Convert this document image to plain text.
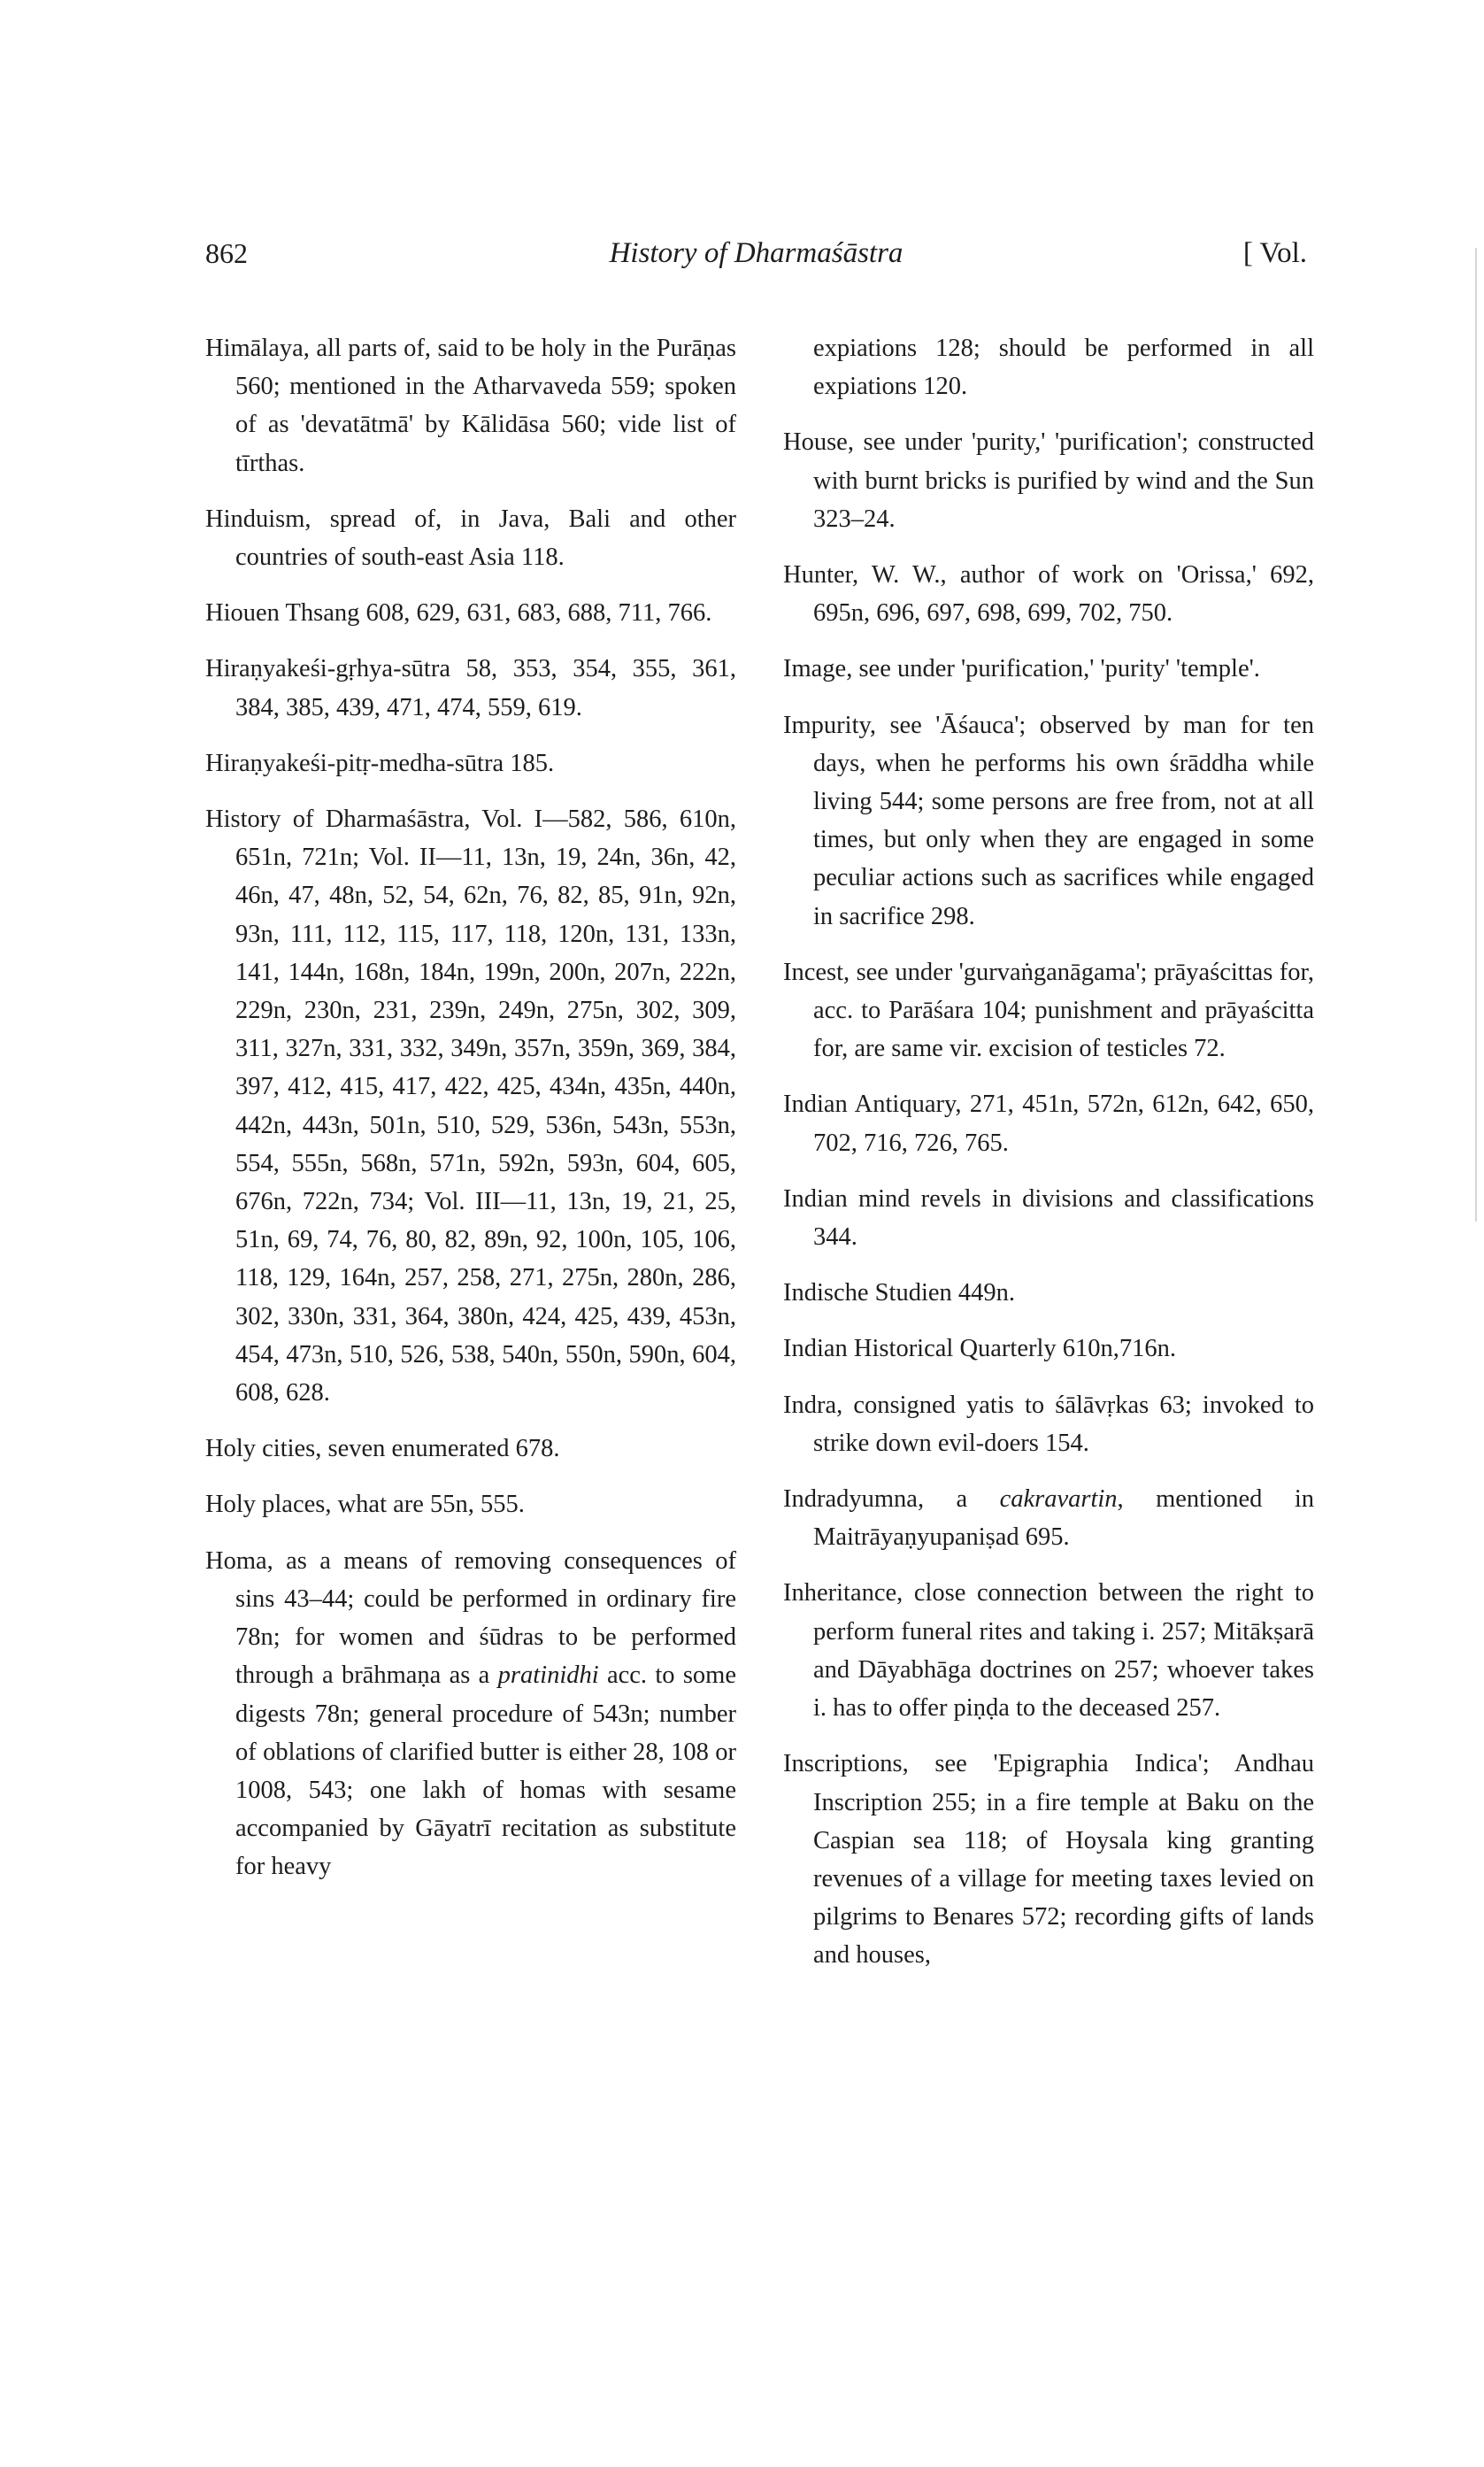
862	History of Dharmaśāstra	[ Vol.

Himālaya, all parts of, said to be holy in the Purāṇas 560; mentioned in the Atharvaveda 559; spoken of as 'devatātmā' by Kālidāsa 560; vide list of tīrthas.

Hinduism, spread of, in Java, Bali and other countries of south-east Asia 118.

Hiouen Thsang 608, 629, 631, 683, 688, 711, 766.

Hiraṇyakeśi-gṛhya-sūtra 58, 353, 354, 355, 361, 384, 385, 439, 471, 474, 559, 619.

Hiraṇyakeśi-pitṛ-medha-sūtra 185.

History of Dharmaśāstra, Vol. I—582, 586, 610n, 651n, 721n; Vol. II—11, 13n, 19, 24n, 36n, 42, 46n, 47, 48n, 52, 54, 62n, 76, 82, 85, 91n, 92n, 93n, 111, 112, 115, 117, 118, 120n, 131, 133n, 141, 144n, 168n, 184n, 199n, 200n, 207n, 222n, 229n, 230n, 231, 239n, 249n, 275n, 302, 309, 311, 327n, 331, 332, 349n, 357n, 359n, 369, 384, 397, 412, 415, 417, 422, 425, 434n, 435n, 440n, 442n, 443n, 501n, 510, 529, 536n, 543n, 553n, 554, 555n, 568n, 571n, 592n, 593n, 604, 605, 676n, 722n, 734; Vol. III—11, 13n, 19, 21, 25, 51n, 69, 74, 76, 80, 82, 89n, 92, 100n, 105, 106, 118, 129, 164n, 257, 258, 271, 275n, 280n, 286, 302, 330n, 331, 364, 380n, 424, 425, 439, 453n, 454, 473n, 510, 526, 538, 540n, 550n, 590n, 604, 608, 628.

Holy cities, seven enumerated 678.

Holy places, what are 55n, 555.

Homa, as a means of removing consequences of sins 43–44; could be performed in ordinary fire 78n; for women and śūdras to be performed through a brāhmaṇa as a pratinidhi acc. to some digests 78n; general procedure of 543n; number of oblations of clarified butter is either 28, 108 or 1008, 543; one lakh of homas with sesame accompanied by Gāyatrī recitation as substitute for heavy

expiations 128; should be performed in all expiations 120.

House, see under 'purity,' 'purification'; constructed with burnt bricks is purified by wind and the Sun 323–24.

Hunter, W. W., author of work on 'Orissa,' 692, 695n, 696, 697, 698, 699, 702, 750.

Image, see under 'purification,' 'purity' 'temple'.

Impurity, see 'Āśauca'; observed by man for ten days, when he performs his own śrāddha while living 544; some persons are free from, not at all times, but only when they are engaged in some peculiar actions such as sacrifices while engaged in sacrifice 298.

Incest, see under 'gurvaṅganāgama'; prāyaścittas for, acc. to Parāśara 104; punishment and prāyaścitta for, are same vir. excision of testicles 72.

Indian Antiquary, 271, 451n, 572n, 612n, 642, 650, 702, 716, 726, 765.

Indian mind revels in divisions and classifications 344.

Indische Studien 449n.

Indian Historical Quarterly 610n,716n.

Indra, consigned yatis to śālāvṛkas 63; invoked to strike down evil-doers 154.

Indradyumna, a cakravartin, mentioned in Maitrāyaṇyupaniṣad 695.

Inheritance, close connection between the right to perform funeral rites and taking i. 257; Mitākṣarā and Dāyabhāga doctrines on 257; whoever takes i. has to offer piṇḍa to the deceased 257.

Inscriptions, see 'Epigraphia Indica'; Andhau Inscription 255; in a fire temple at Baku on the Caspian sea 118; of Hoysala king granting revenues of a village for meeting taxes levied on pilgrims to Benares 572; recording gifts of lands and houses,
